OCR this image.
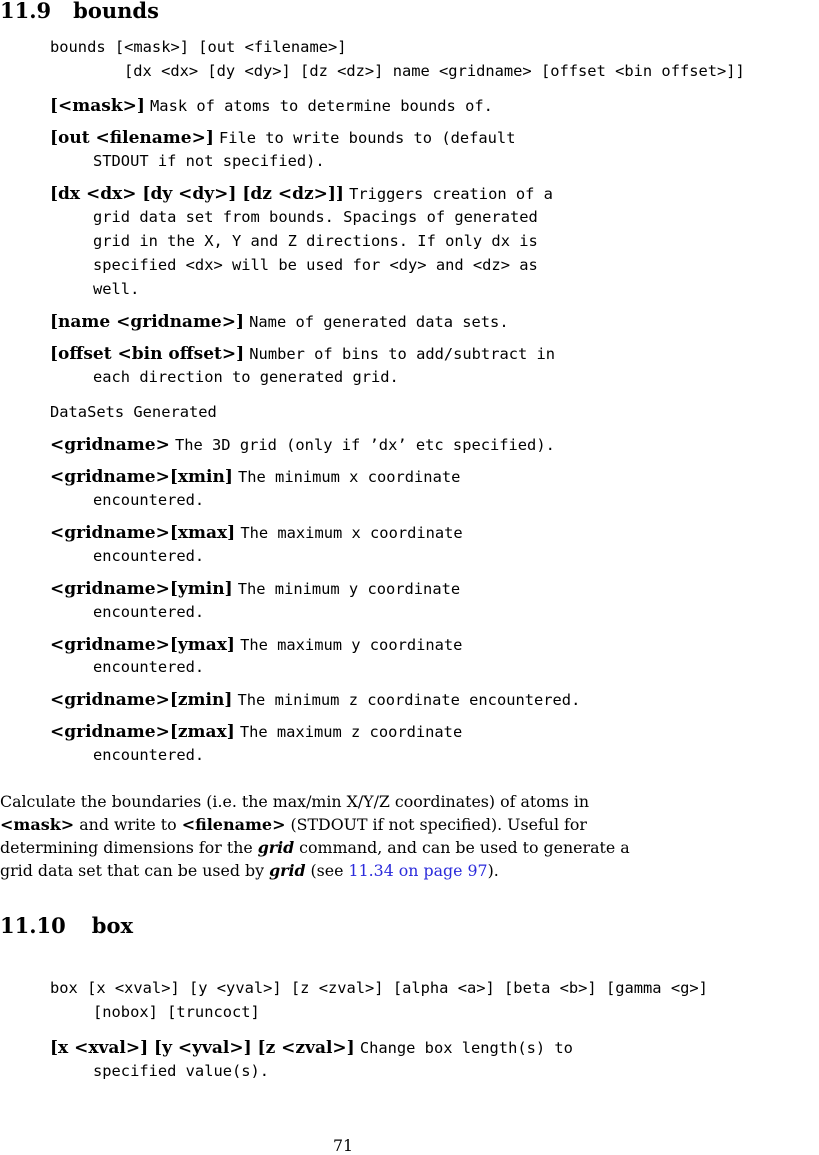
11.9 bounds
bounds [<mask>] [out <filename>]
[dx <dx> [dy <dy>] [dz <dz>] name <gridname> [offset <bin offset>]]
[<mask>] Mask of atoms to determine bounds of.
[out <filename>] File to write bounds to (default
STDOUT if not specified).
[dx <dx> [dy <dy>] [dz <dz>]] Triggers creation of a
grid data set from bounds. Spacings of generated
grid in the X, Y and Z directions. If only dx is
specified <dx> will be used for <dy> and <dz> as
well.
[name <gridname>] Name of generated data sets.
[offset <bin offset>] Number of bins to add/subtract in
each direction to generated grid.
DataSets Generated
<gridname> The 3D grid (only if ’dx’ etc specified).
<gridname>[xmin] The minimum x coordinate
encountered.
<gridname>[xmax] The maximum x coordinate
encountered.
<gridname>[ymin] The minimum y coordinate
encountered.
<gridname>[ymax] The maximum y coordinate
encountered.
<gridname>[zmin] The minimum z coordinate encountered.
<gridname>[zmax] The maximum z coordinate
encountered.
Calculate the boundaries (i.e. the max/min X/Y/Z coordinates) of atoms in
<mask> and write to <filename> (STDOUT if not specified). Useful for
determining dimensions for the grid command, and can be used to generate a
grid data set that can be used by grid (see 11.34 on page 97).
11.10 box
box [x <xval>] [y <yval>] [z <zval>] [alpha <a>] [beta <b>] [gamma <g>]
[nobox] [truncoct]
[x <xval>] [y <yval>] [z <zval>] Change box length(s) to
specified value(s).
71
